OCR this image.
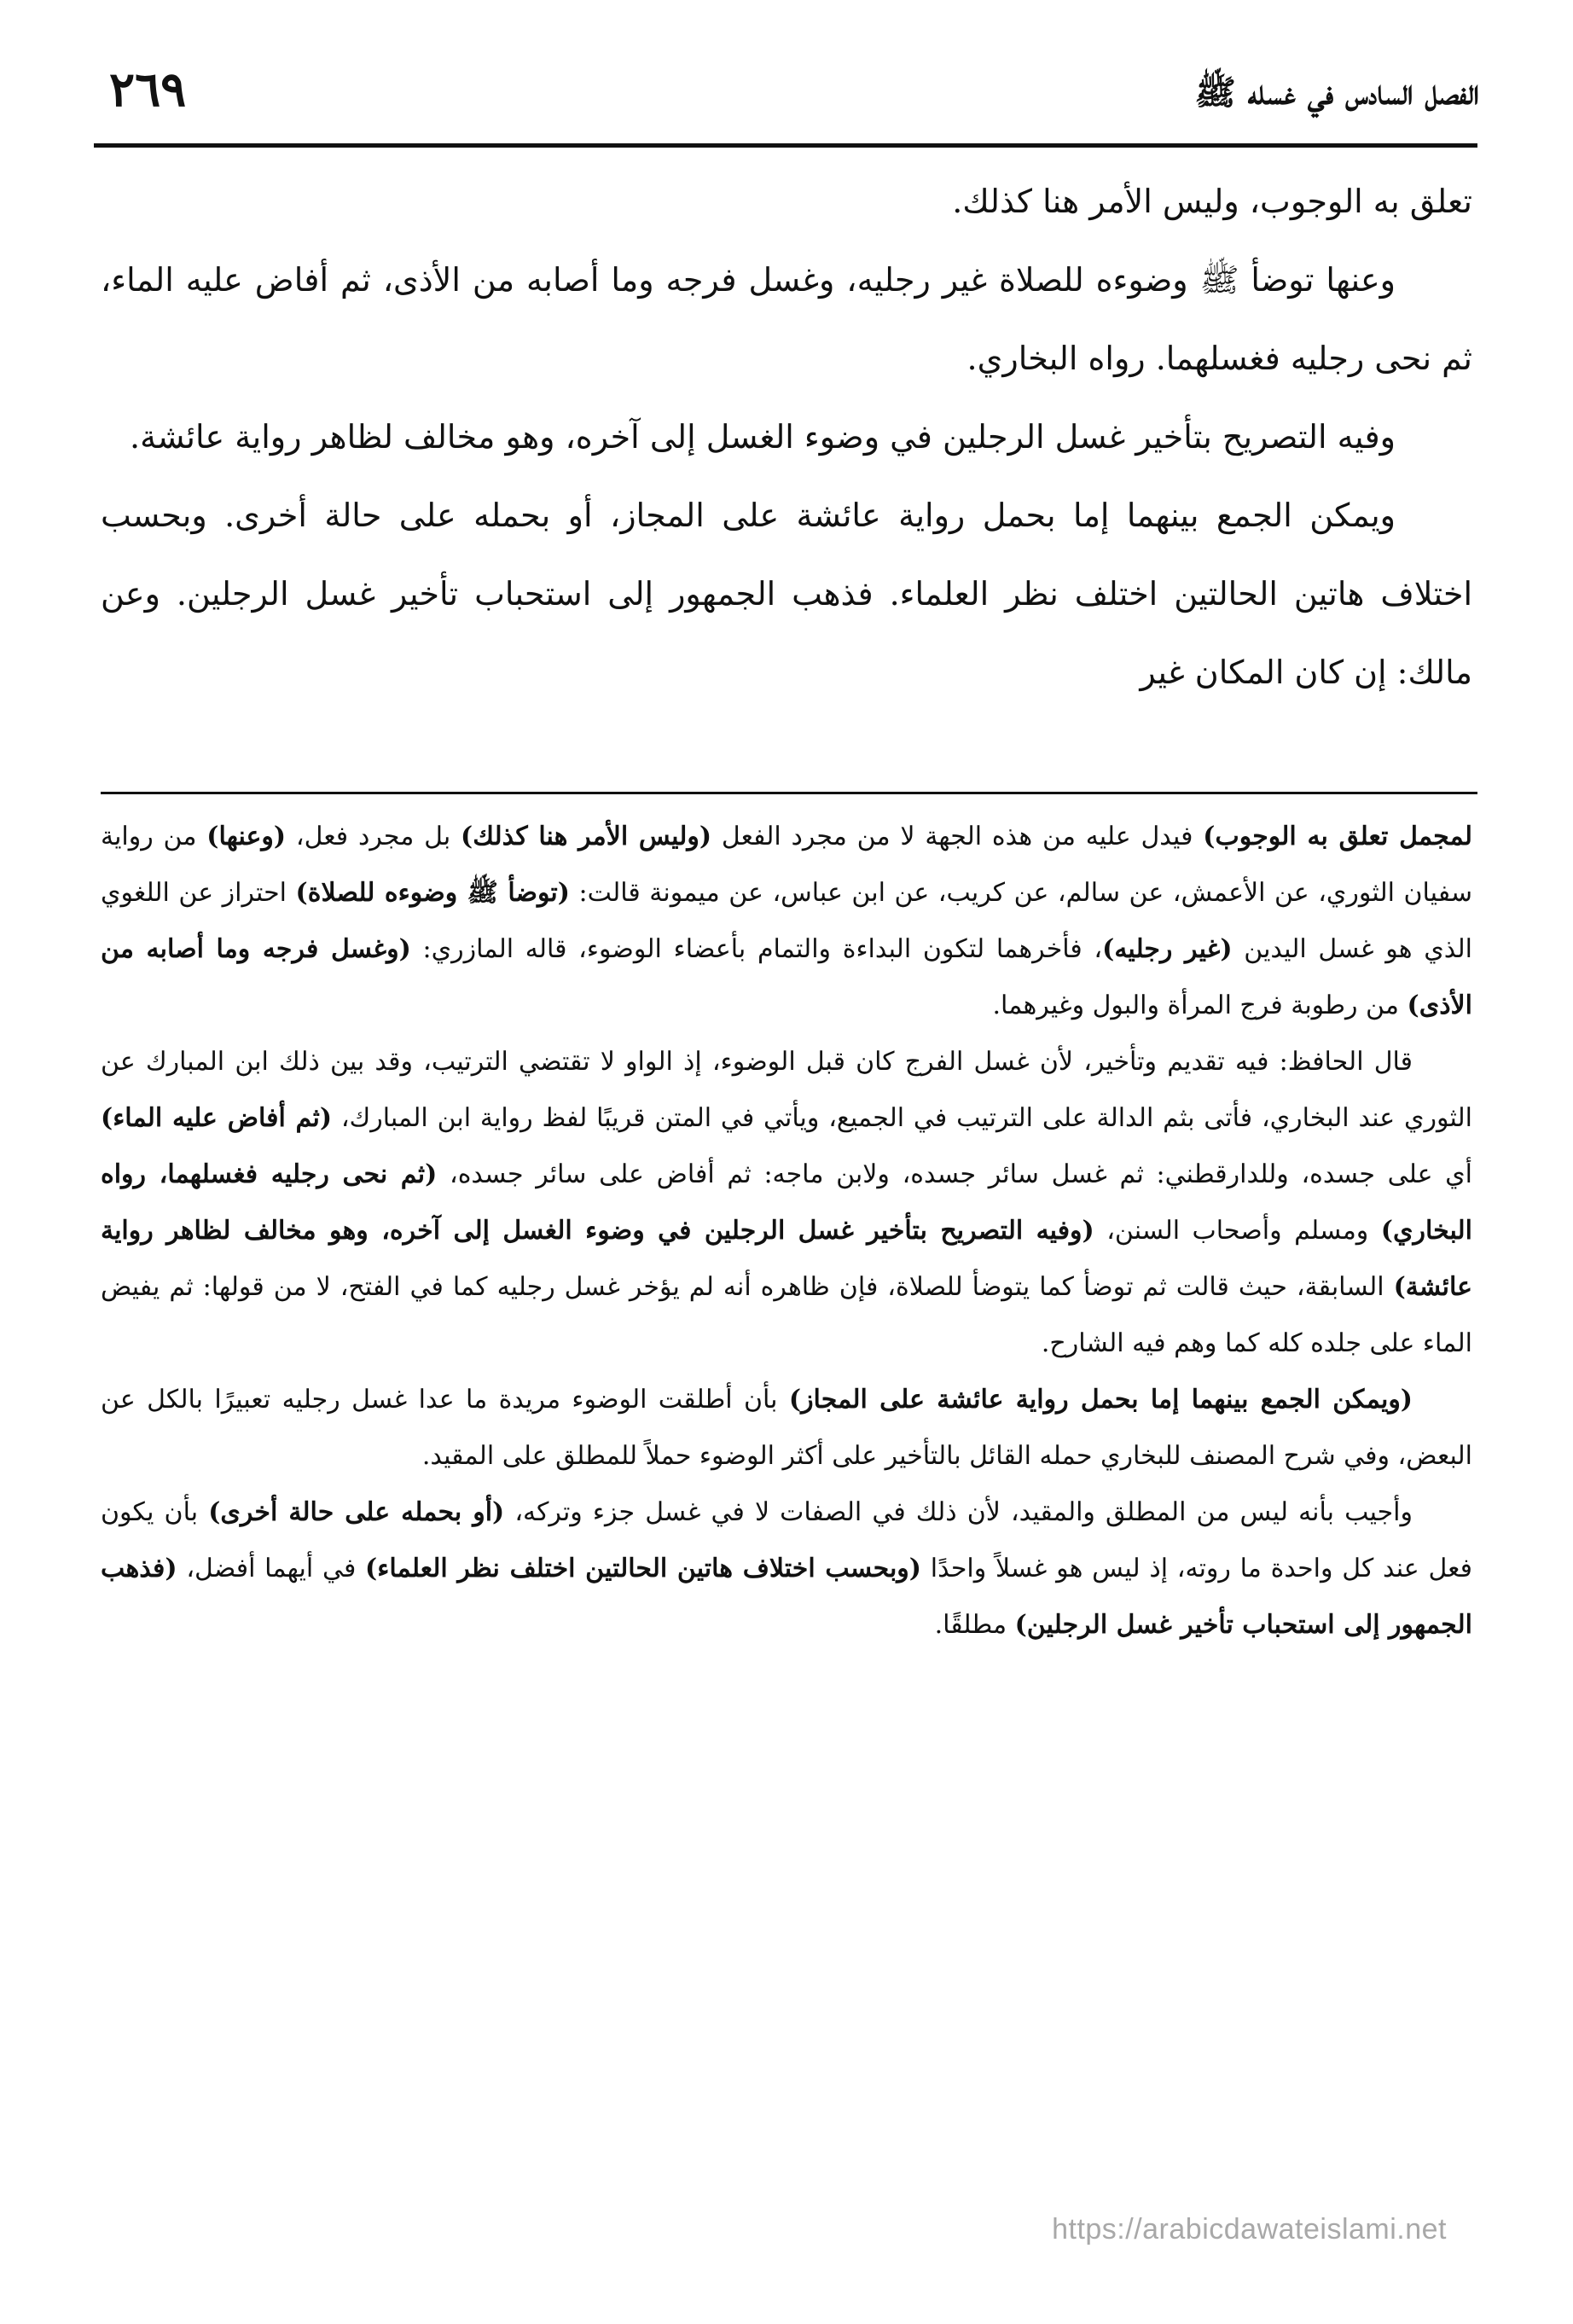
الفصل السادس في غسله ﷺ
٢٦٩

تعلق به الوجوب، وليس الأمر هنا كذلك.

وعنها توضأ ﷺ وضوءه للصلاة غير رجليه، وغسل فرجه وما أصابه من الأذى، ثم أفاض عليه الماء، ثم نحى رجليه فغسلهما. رواه البخاري.

وفيه التصريح بتأخير غسل الرجلين في وضوء الغسل إلى آخره، وهو مخالف لظاهر رواية عائشة.

ويمكن الجمع بينهما إما بحمل رواية عائشة على المجاز، أو بحمله على حالة أخرى. وبحسب اختلاف هاتين الحالتين اختلف نظر العلماء. فذهب الجمهور إلى استحباب تأخير غسل الرجلين. وعن مالك: إن كان المكان غير

لمجمل تعلق به الوجوب) فيدل عليه من هذه الجهة لا من مجرد الفعل (وليس الأمر هنا كذلك) بل مجرد فعل، (وعنها) من رواية سفيان الثوري، عن الأعمش، عن سالم، عن كريب، عن ابن عباس، عن ميمونة قالت: (توضأ ﷺ وضوءه للصلاة) احتراز عن اللغوي الذي هو غسل اليدين (غير رجليه)، فأخرهما لتكون البداءة والتمام بأعضاء الوضوء، قاله المازري: (وغسل فرجه وما أصابه من الأذى) من رطوبة فرج المرأة والبول وغيرهما.

قال الحافظ: فيه تقديم وتأخير، لأن غسل الفرج كان قبل الوضوء، إذ الواو لا تقتضي الترتيب، وقد بين ذلك ابن المبارك عن الثوري عند البخاري، فأتى بثم الدالة على الترتيب في الجميع، ويأتي في المتن قريبًا لفظ رواية ابن المبارك، (ثم أفاض عليه الماء) أي على جسده، وللدارقطني: ثم غسل سائر جسده، ولابن ماجه: ثم أفاض على سائر جسده، (ثم نحى رجليه فغسلهما، رواه البخاري) ومسلم وأصحاب السنن، (وفيه التصريح بتأخير غسل الرجلين في وضوء الغسل إلى آخره، وهو مخالف لظاهر رواية عائشة) السابقة، حيث قالت ثم توضأ كما يتوضأ للصلاة، فإن ظاهره أنه لم يؤخر غسل رجليه كما في الفتح، لا من قولها: ثم يفيض الماء على جلده كله كما وهم فيه الشارح.

(ويمكن الجمع بينهما إما بحمل رواية عائشة على المجاز) بأن أطلقت الوضوء مريدة ما عدا غسل رجليه تعبيرًا بالكل عن البعض، وفي شرح المصنف للبخاري حمله القائل بالتأخير على أكثر الوضوء حملاً للمطلق على المقيد.

وأجيب بأنه ليس من المطلق والمقيد، لأن ذلك في الصفات لا في غسل جزء وتركه، (أو بحمله على حالة أخرى) بأن يكون فعل عند كل واحدة ما روته، إذ ليس هو غسلاً واحدًا (وبحسب اختلاف هاتين الحالتين اختلف نظر العلماء) في أيهما أفضل، (فذهب الجمهور إلى استحباب تأخير غسل الرجلين) مطلقًا.

https://arabicdawateislami.net
